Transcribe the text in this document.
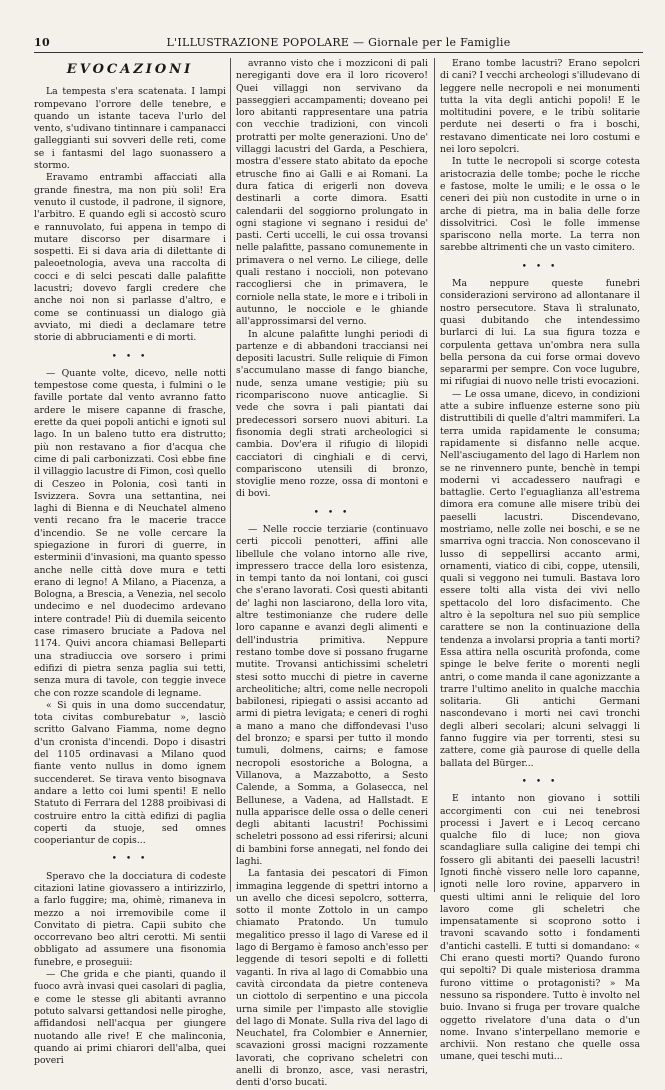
10	L'ILLUSTRAZIONE POPOLARE — Giornale per le Famiglie
EVOCAZIONI

La tempesta s'era scatenata. I lampi rompevano l'orrore delle tenebre, e quando un istante taceva l'urlo del vento, s'udivano tintinnare i campanacci galleggianti sui sovveri delle reti, come se i fantasmi del lago suonassero a stormo.

Eravamo entrambi affacciati alla grande finestra, ma non più soli! Era venuto il custode, il padrone, il signore, l'arbitro. E quando egli si accostò scuro e rannuvolato, fui appena in tempo di mutare discorso per disarmare i sospetti. Ei si dava aria di dilettante di paleoetnologia, aveva una raccolta di cocci e di selci pescati dalle palafitte lacustri; dovevo fargli credere che anche noi non si parlasse d'altro, e come se continuassi un dialogo già avviato, mi diedi a declamare tetre storie di abbruciamenti e di morti.

• • •

— Quante volte, dicevo, nelle notti tempestose come questa, i fulmini o le faville portate dal vento avranno fatto ardere le misere capanne di frasche, erette da quei popoli antichi e ignoti sul lago. In un baleno tutto era distrutto; più non restavano a fior d'acqua che cime di pali carbonizzati. Così ebbe fine il villaggio lacustre di Fimon, così quello di Ceszeo in Polonia, così tanti in Isvizzera. Sovra una settantina, nei laghi di Bienna e di Neuchatel almeno venti recano fra le macerie tracce d'incendio. Se ne volle cercare la spiegazione in furori di guerre, in esterminii d'invasioni, ma quanto spesso anche nelle città dove mura e tetti erano di legno! A Milano, a Piacenza, a Bologna, a Brescia, a Venezia, nel secolo undecimo e nel duodecimo ardevano intere contrade! Più di duemila seicento case rimasero bruciate a Padova nel 1174. Quivi ancora chiamasi Belleparti una stradiuccia ove sorsero i primi edifizi di pietra senza paglia sui tetti, senza mura di tavole, con teggie invece che con rozze scandole di legname.

« Si quis in una domo succendatur, tota civitas comburebatur », lasciò scritto Galvano Fiamma, nome degno d'un cronista d'incendi. Dopo i disastri del 1105 ordinavasi a Milano quod fiante vento nullus in domo ignem succenderet. Se tirava vento bisognava andare a letto coi lumi spenti! E nello Statuto di Ferrara del 1288 proibivasi di costruire entro la città edifizi di paglia coperti da stuoje, sed omnes cooperiantur de copis...

• • •

Speravo che la docciatura di codeste citazioni latine giovassero a intirizzirlo, a farlo fuggire; ma, ohimè, rimaneva in mezzo a noi irremovibile come il Convitato di pietra. Capii subito che occorrevano beo altri cerotti. Mi sentii obbligato ad assumere una fisonomia funebre, e proseguii:

— Che grida e che pianti, quando il fuoco avrà invasi quei casolari di paglia, e come le stesse gli abitanti avranno potuto salvarsi gettandosi nelle piroghe, affidandosi nell'acqua per giungere nuotando alle rive! E che malinconia, quando ai primi chiarori dell'alba, quei poveri

avranno visto che i mozziconi di pali neregiganti dove era il loro ricovero! Quei villaggi non servivano da passeggieri accampamenti; doveano pei loro abitanti rappresentare una patria con vecchie tradizioni, con vincoli protratti per molte generazioni. Uno de' villaggi lacustri del Garda, a Peschiera, mostra d'essere stato abitato da epoche etrusche fino ai Galli e ai Romani. La dura fatica di erigerli non doveva destinarli a corte dimora. Esatti calendarii del soggiorno prolungato in ogni stagione vi segnano i residui de' pasti. Certi uccelli, le cui ossa trovansi nelle palafitte, passano comunemente in primavera o nel verno. Le ciliege, delle quali restano i noccioli, non potevano raccogliersi che in primavera, le corniole nella state, le more e i triboli in autunno, le nocciole e le ghiande all'approssimarsi del verno.

In alcune palafitte lunghi periodi di partenze e di abbandoni tracciansi nei depositi lacustri. Sulle reliquie di Fimon s'accumulano masse di fango bianche, nude, senza umane vestigie; più su ricompariscono nuove anticaglie. Si vede che sovra i pali piantati dai predecessori sorsero nuovi abituri. La fisonomia degli strati archeologici si cambia. Dov'era il rifugio di lilopidi cacciatori di cinghiali e di cervi, compariscono utensili di bronzo, stoviglie meno rozze, ossa di montoni e di bovi.

• • •

— Nelle roccie terziarie (continuavo certi piccoli penotteri, affini alle libellule che volano intorno alle rive, impressero tracce della loro esistenza, in tempi tanto da noi lontani, coi gusci che s'erano lavorati. Così questi abitanti de' laghi non lasciarono, della loro vita, altre testimonianze che rudere delle loro capanne e avanzi degli alimenti e dell'industria primitiva. Neppure restano tombe dove si possano frugarne mutite. Trovansi antichissimi scheletri stesi sotto mucchi di pietre in caverne archeolitiche; altri, come nelle necropoli babilonesi, ripiegati o assisi accanto ad armi di pietra levigata; e ceneri di roghi a mano a mano che diffondevasi l'uso del bronzo; e sparsi per tutto il mondo tumuli, dolmens, cairns; e famose necropoli esostoriche a Bologna, a Villanova, a Mazzabotto, a Sesto Calende, a Somma, a Golasecca, nel Bellunese, a Vadena, ad Hallstadt. E nulla apparisce delle ossa o delle ceneri degli abitanti lacustri! Pochissimi scheletri possono ad essi riferirsi; alcuni di bambini forse annegati, nel fondo dei laghi.

La fantasia dei pescatori di Fimon immagina leggende di spettri intorno a un avello che dicesi sepolcro, sotterra, sotto il monte Zottolo in un campo chiamato Pratondo. Un tumulo megalitico presso il lago di Varese ed il lago di Bergamo è famoso anch'esso per leggende di tesori sepolti e di folletti vaganti. In riva al lago di Comabbio una cavità circondata da pietre conteneva un ciottolo di serpentino e una piccola urna simile per l'impasto alle stoviglie del lago di Monate. Sulla riva del lago di Neuchatel, fra Colombier e Annernier, scavazioni grossi macigni rozzamente lavorati, che coprivano scheletri con anelli di bronzo, asce, vasi nerastri, denti d'orso bucati.

Erano tombe lacustri? Erano sepolcri di cani? I vecchi archeologi s'illudevano di leggere nelle necropoli e nei monumenti tutta la vita degli antichi popoli! E le moltitudini povere, e le tribù solitarie perdute nei deserti o fra i boschi, restavano dimenticate nei loro costumi e nei loro sepolcri.

In tutte le necropoli si scorge cotesta aristocrazia delle tombe; poche le ricche e fastose, molte le umili; e le ossa o le ceneri dei più non custodite in urne o in arche di pietra, ma in balia delle forze dissolvitrici. Così le folle immense spariscono nella morte. La terra non sarebbe altrimenti che un vasto cimitero.

• • •

Ma neppure queste funebri considerazioni servirono ad allontanare il nostro persecutore. Stava lì stralunato, quasi dubitando che intendessimo burlarci di lui. La sua figura tozza e corpulenta gettava un'ombra nera sulla bella persona da cui forse ormai dovevo separarmi per sempre. Con voce lugubre, mi rifugiai di nuovo nelle tristi evocazioni.

— Le ossa umane, dicevo, in condizioni atte a subire influenze esterne sono più distruttibili di quelle d'altri mammiferi. La terra umida rapidamente le consuma; rapidamente si disfanno nelle acque. Nell'asciugamento del lago di Harlem non se ne rinvennero punte, benchè in tempi moderni vi accadessero naufragi e battaglie. Certo l'eguaglianza all'estrema dimora era comune alle misere tribù dei paeselli lacustri. Discendevano, mostriamo, nelle zolle nei boschi, e se ne smarriva ogni traccia. Non conoscevano il lusso di seppellirsi accanto armi, ornamenti, viatico di cibi, coppe, utensili, quali si veggono nei tumuli. Bastava loro essere tolti alla vista dei vivi nello spettacolo del loro disfacimento. Che altro è la sepoltura nel suo più semplice carattere se non la continuazione della tendenza a involarsi propria a tanti morti? Essa attira nella oscurità profonda, come spinge le belve ferite o morenti negli antri, o come manda il cane agonizzante a trarre l'ultimo anelito in qualche macchia solitaria. Gli antichi Germani nascondevano i morti nei cavi tronchi degli alberi secolari; alcuni selvaggi li fanno fuggire via per torrenti, stesi su zattere, come già paurose di quelle della ballata del Bürger...

• • •

E intanto non giovano i sottili accorgimenti con cui nei tenebrosi processi i Javert e i Lecoq cercano qualche filo di luce; non giova scandagliare sulla caligine dei tempi chi fossero gli abitanti dei paeselli lacustri! Ignoti finchè vissero nelle loro capanne, ignoti nelle loro rovine, apparvero in questi ultimi anni le reliquie del loro lavoro come gli scheletri che impensatamente si scoprono sotto i travoni scavando sotto i fondamenti d'antichi castelli. E tutti si domandano: « Chi erano questi morti? Quando furono qui sepolti? Di quale misteriosa dramma furono vittime o protagonisti? » Ma nessuno sa rispondere. Tutto è involto nel buio. Invano si fruga per trovare qualche oggetto rivelatore d'una data o d'un nome. Invano s'interpellano memorie e archivii. Non restano che quelle ossa umane, quei teschi muti...
